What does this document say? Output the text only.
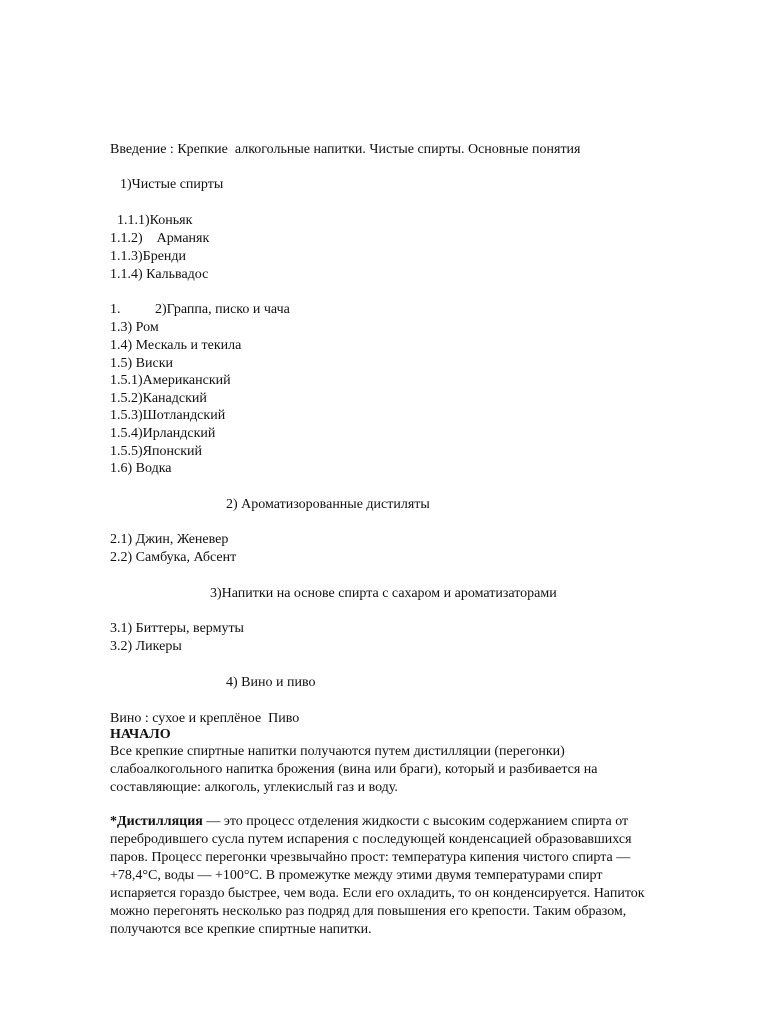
Введение : Крепкие  алкогольные напитки. Чистые спирты. Основные понятия

1)Чистые спирты

1.1.1)Коньяк

1.1.2)    Арманяк

1.1.3)Бренди

1.1.4) Кальвадос

1. 2)Граппа, писко и чача

1.3) Ром

1.4) Мескаль и текила

1.5) Виски

1.5.1)Американский

1.5.2)Канадский

1.5.3)Шотландский

1.5.4)Ирландский

1.5.5)Японский

1.6) Водка

2) Ароматизорованные дистиляты

2.1) Джин, Женевер

2.2) Самбука, Абсент

3)Напитки на основе спирта с сахаром и ароматизаторами

3.1) Биттеры, вермуты

3.2) Ликеры

4) Вино и пиво

Вино : сухое и креплёное  Пиво

НАЧАЛО

Все крепкие спиртные напитки получаются путем дистилляции (перегонки)
слабоалкогольного напитка брожения (вина или браги), который и разбивается на
составляющие: алкоголь, углекислый газ и воду.
*Дистилляция — это процесс отделения жидкости с высоким содержанием спирта от
перебродившего сусла путем испарения с последующей конденсацией образовавшихся
паров. Процесс перегонки чрезвычайно прост: температура кипения чистого спирта —
+78,4°С, воды — +100°С. В промежутке между этими двумя температурами спирт
испаряется гораздо быстрее, чем вода. Если его охладить, то он конденсируется. Напиток
можно перегонять несколько раз подряд для повышения его крепости. Таким образом,
получаются все крепкие спиртные напитки.
